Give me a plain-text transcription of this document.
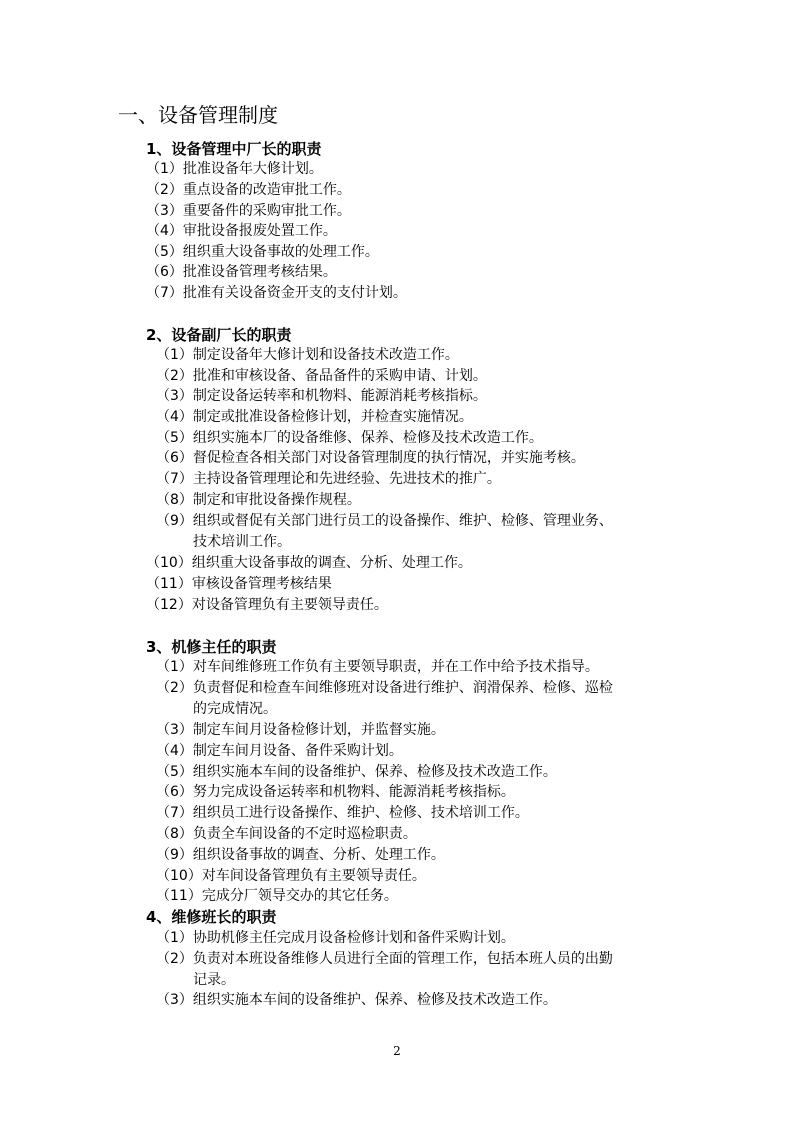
一、设备管理制度
1、设备管理中厂长的职责
（1）批准设备年大修计划。
（2）重点设备的改造审批工作。
（3）重要备件的采购审批工作。
（4）审批设备报废处置工作。
（5）组织重大设备事故的处理工作。
（6）批准设备管理考核结果。
（7）批准有关设备资金开支的支付计划。
2、设备副厂长的职责
（1）制定设备年大修计划和设备技术改造工作。
（2）批准和审核设备、备品备件的采购申请、计划。
（3）制定设备运转率和机物料、能源消耗考核指标。
（4）制定或批准设备检修计划，并检查实施情况。
（5）组织实施本厂的设备维修、保养、检修及技术改造工作。
（6）督促检查各相关部门对设备管理制度的执行情况，并实施考核。
（7）主持设备管理理论和先进经验、先进技术的推广。
（8）制定和审批设备操作规程。
（9）组织或督促有关部门进行员工的设备操作、维护、检修、管理业务、
技术培训工作。
（10）组织重大设备事故的调查、分析、处理工作。
（11）审核设备管理考核结果
（12）对设备管理负有主要领导责任。
3、机修主任的职责
（1）对车间维修班工作负有主要领导职责，并在工作中给予技术指导。
（2）负责督促和检查车间维修班对设备进行维护、润滑保养、检修、巡检
的完成情况。
（3）制定车间月设备检修计划，并监督实施。
（4）制定车间月设备、备件采购计划。
（5）组织实施本车间的设备维护、保养、检修及技术改造工作。
（6）努力完成设备运转率和机物料、能源消耗考核指标。
（7）组织员工进行设备操作、维护、检修、技术培训工作。
（8）负责全车间设备的不定时巡检职责。
（9）组织设备事故的调查、分析、处理工作。
（10）对车间设备管理负有主要领导责任。
（11）完成分厂领导交办的其它任务。
4、维修班长的职责
（1）协助机修主任完成月设备检修计划和备件采购计划。
（2）负责对本班设备维修人员进行全面的管理工作，包括本班人员的出勤
记录。
（3）组织实施本车间的设备维护、保养、检修及技术改造工作。
2
